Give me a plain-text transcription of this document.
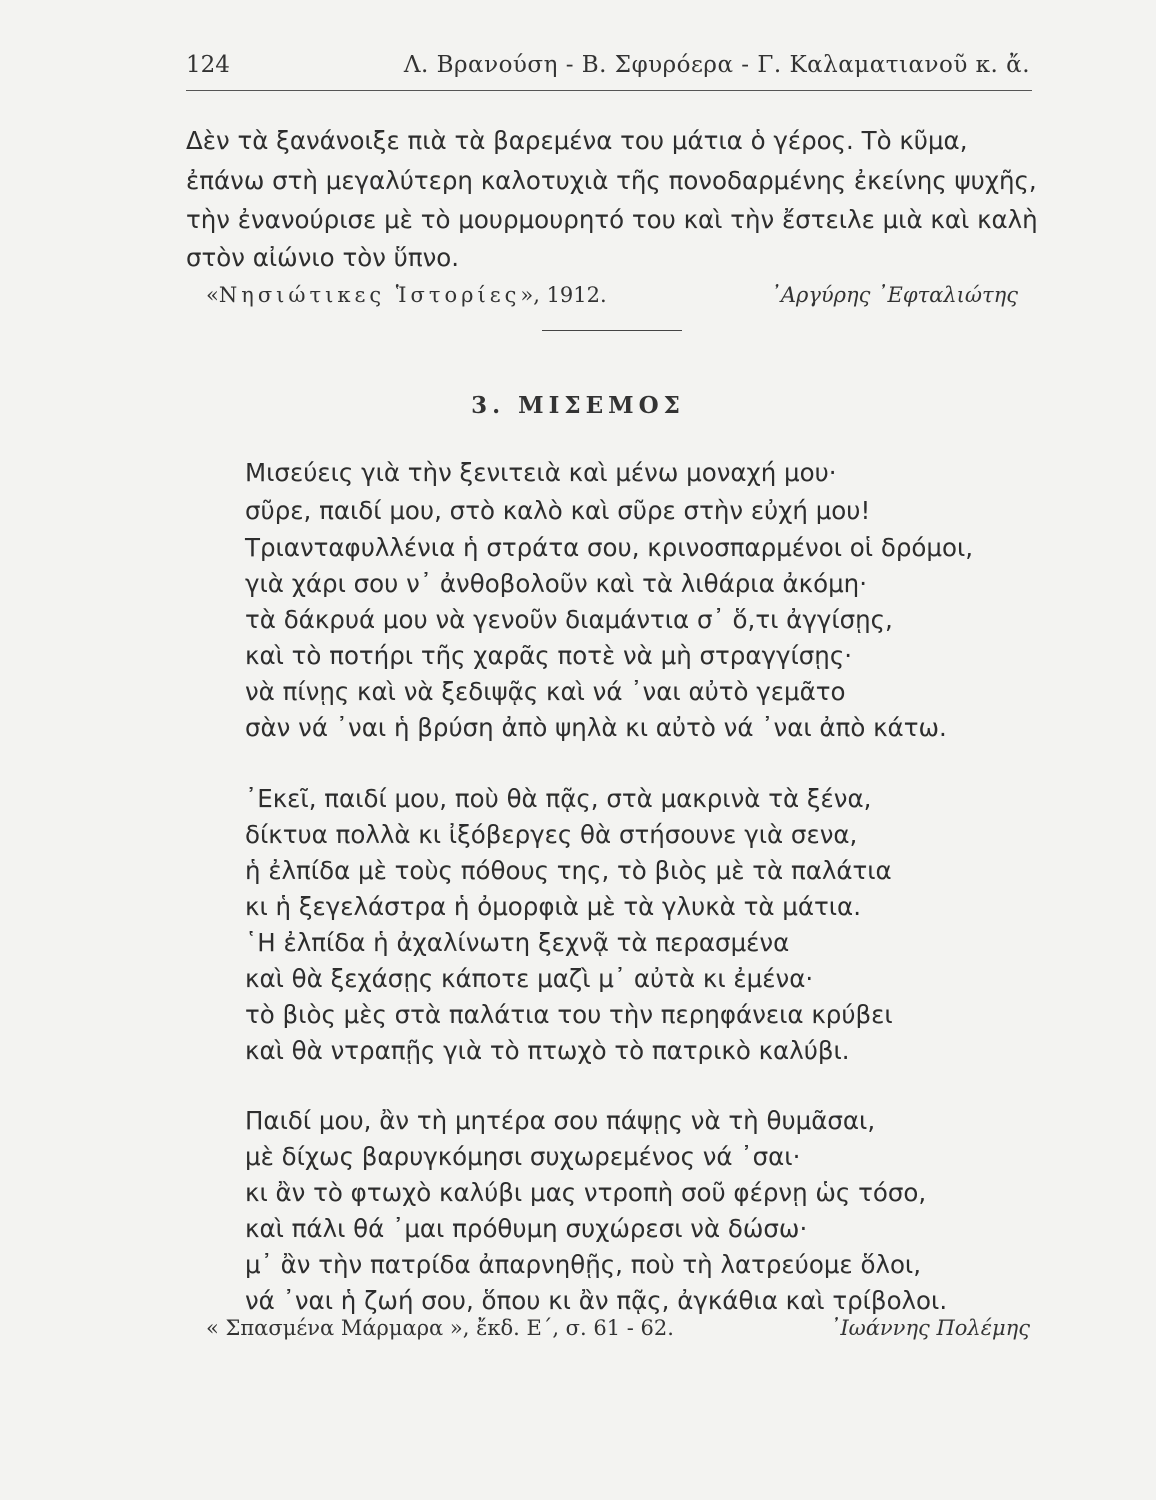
124	Λ. Βρανούση - Β. Σφυρόερα - Γ. Καλαματιανοῦ κ. ἄ.
Δὲν τὰ ξανάνοιξε πιὰ τὰ βαρεμένα του μάτια ὁ γέρος. Τὸ κῦμα,
ἐπάνω στὴ μεγαλύτερη καλοτυχιὰ τῆς πονοδαρμένης ἐκείνης ψυχῆς,
τὴν ἐνανούρισε μὲ τὸ μουρμουρητό του καὶ τὴν ἔστειλε μιὰ καὶ καλὴ
στὸν αἰώνιο τὸν ὕπνο.
«Νησιώτικες Ἱστορίες», 1912.	᾿Αργύρης ᾿Εφταλιώτης
3. ΜΙΣΕΜΟΣ
Μισεύεις γιὰ τὴν ξενιτειὰ καὶ μένω μοναχή μου·
σῦρε, παιδί μου, στὸ καλὸ καὶ σῦρε στὴν εὐχή μου!
Τριανταφυλλένια ἡ στράτα σου, κρινοσπαρμένοι οἱ δρόμοι,
γιὰ χάρι σου ν᾿ ἀνθοβολοῦν καὶ τὰ λιθάρια ἀκόμη·
τὰ δάκρυά μου νὰ γενοῦν διαμάντια σ᾿ ὅ,τι ἀγγίσῃς,
καὶ τὸ ποτήρι τῆς χαρᾶς ποτὲ νὰ μὴ στραγγίσῃς·
νὰ πίνῃς καὶ νὰ ξεδιψᾷς καὶ νά ᾿ναι αὐτὸ γεμᾶτο
σὰν νά ᾿ναι ἡ βρύση ἀπὸ ψηλὰ κι αὐτὸ νά ᾿ναι ἀπὸ κάτω.
᾿Εκεῖ, παιδί μου, ποὺ θὰ πᾷς, στὰ μακρινὰ τὰ ξένα,
δίκτυα πολλὰ κι ἰξόβεργες θὰ στήσουνε γιὰ σενα,
ἡ ἐλπίδα μὲ τοὺς πόθους της, τὸ βιὸς μὲ τὰ παλάτια
κι ἡ ξεγελάστρα ἡ ὀμορφιὰ μὲ τὰ γλυκὰ τὰ μάτια.
῾Η ἐλπίδα ἡ ἀχαλίνωτη ξεχνᾷ τὰ περασμένα
καὶ θὰ ξεχάσῃς κάποτε μαζὶ μ᾿ αὐτὰ κι ἐμένα·
τὸ βιὸς μὲς στὰ παλάτια του τὴν περηφάνεια κρύβει
καὶ θὰ ντραπῇς γιὰ τὸ πτωχὸ τὸ πατρικὸ καλύβι.
Παιδί μου, ἂν τὴ μητέρα σου πάψῃς νὰ τὴ θυμᾶσαι,
μὲ δίχως βαρυγκόμησι συχωρεμένος νά ᾿σαι·
κι ἂν τὸ φτωχὸ καλύβι μας ντροπὴ σοῦ φέρνῃ ὡς τόσο,
καὶ πάλι θά ᾿μαι πρόθυμη συχώρεσι νὰ δώσω·
μ᾿ ἂν τὴν πατρίδα ἀπαρνηθῇς, ποὺ τὴ λατρεύομε ὅλοι,
νά ᾿ναι ἡ ζωή σου, ὅπου κι ἂν πᾷς, ἀγκάθια καὶ τρίβολοι.
« Σπασμένα Μάρμαρα », ἔκδ. Ε΄, σ. 61 - 62.	᾿Ιωάννης Πολέμης
